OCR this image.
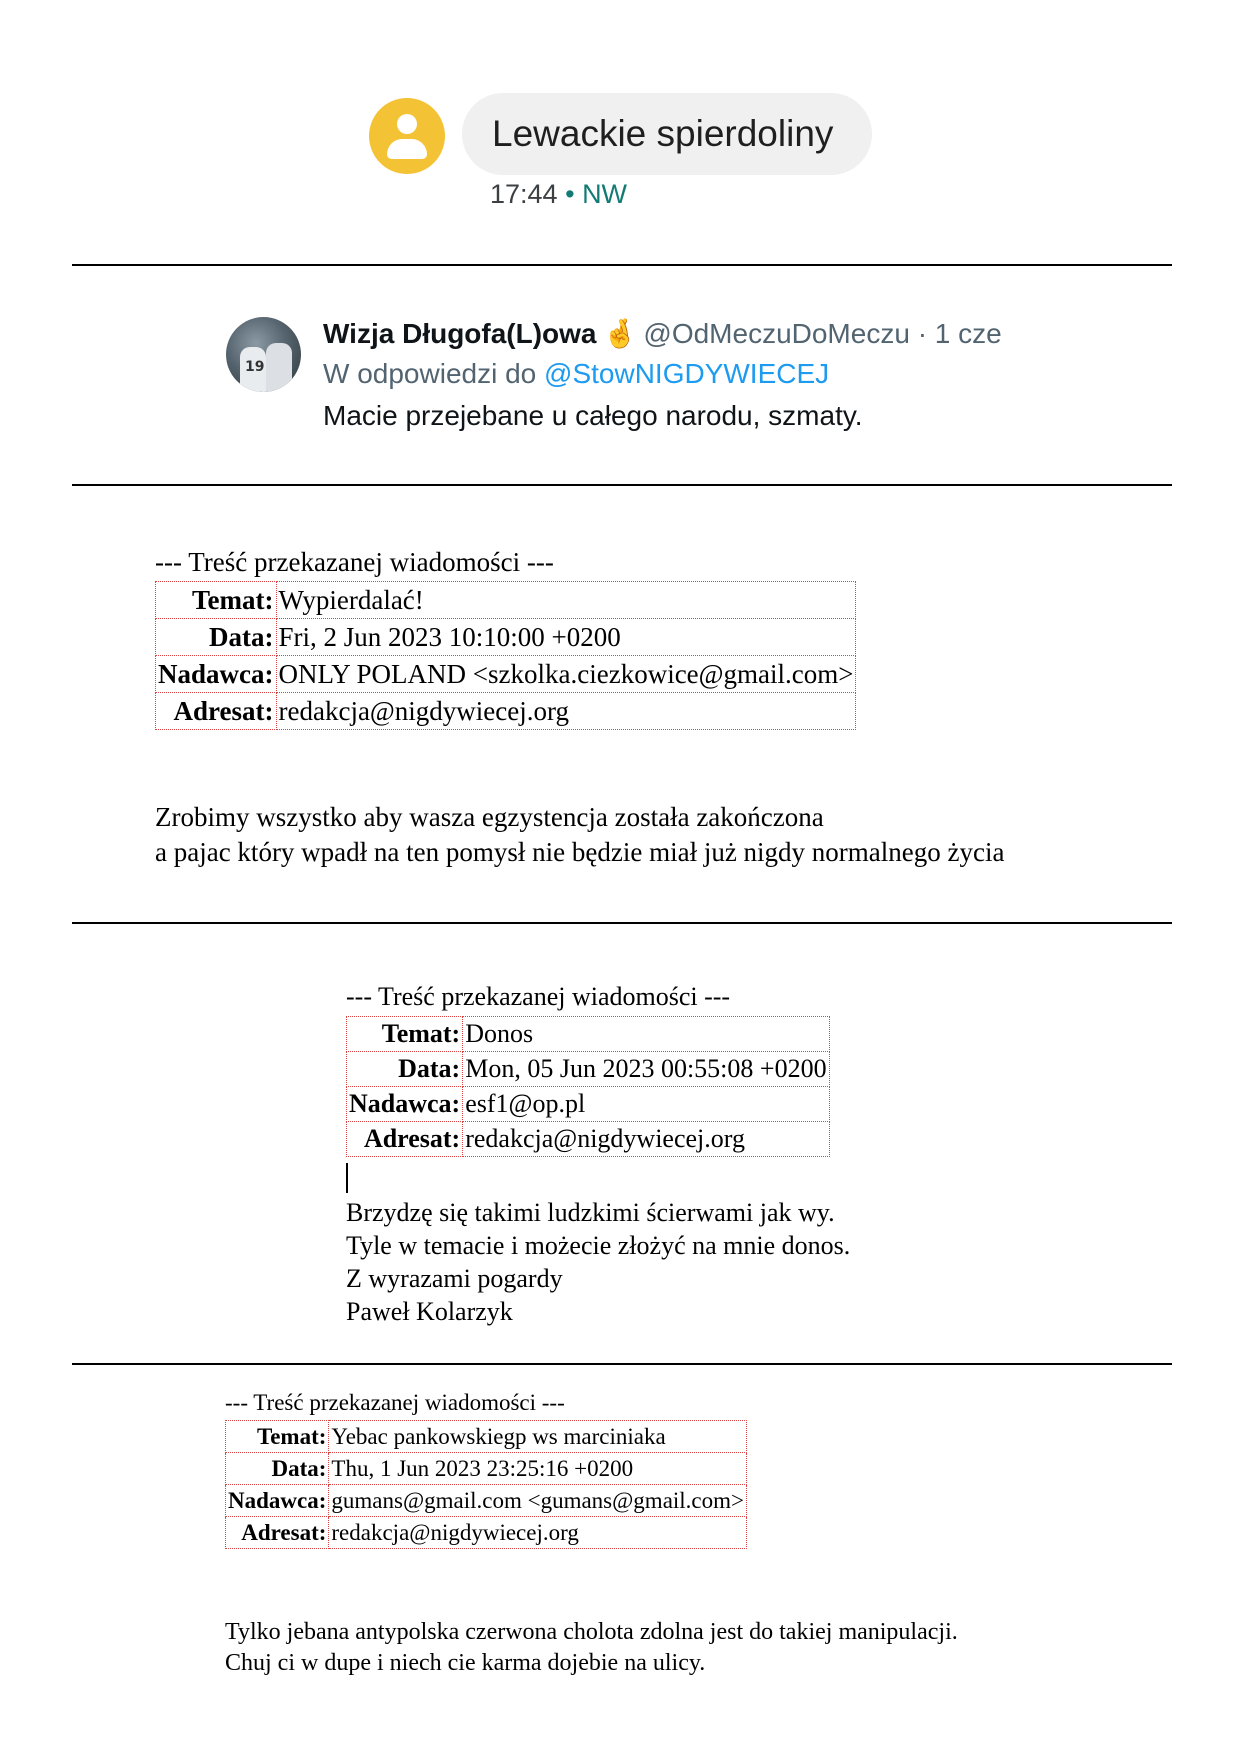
Lewackie spierdoliny
17:44 • NW
19
Wizja Długofa(L)owa 🤞 @OdMeczuDoMeczu · 1 cze
W odpowiedzi do @StowNIGDYWIECEJ
Macie przejebane u całego narodu, szmaty.
--- Treść przekazanej wiadomości ---
Temat:	Wypierdalać!
Data:	Fri, 2 Jun 2023 10:10:00 +0200
Nadawca:	ONLY POLAND <szkolka.ciezkowice@gmail.com>
Adresat:	redakcja@nigdywiecej.org
Zrobimy wszystko aby wasza egzystencja została zakończona
a pajac który wpadł na ten pomysł nie będzie miał już nigdy normalnego życia
--- Treść przekazanej wiadomości ---
Temat:	Donos
Data:	Mon, 05 Jun 2023 00:55:08 +0200
Nadawca:	esf1@op.pl
Adresat:	redakcja@nigdywiecej.org
Brzydzę się takimi ludzkimi ścierwami jak wy.
Tyle w temacie i możecie złożyć na mnie donos.
Z wyrazami pogardy
Paweł Kolarzyk
--- Treść przekazanej wiadomości ---
Temat:	Yebac pankowskiegp ws marciniaka
Data:	Thu, 1 Jun 2023 23:25:16 +0200
Nadawca:	gumans@gmail.com <gumans@gmail.com>
Adresat:	redakcja@nigdywiecej.org
Tylko jebana antypolska czerwona cholota zdolna jest do takiej manipulacji.
Chuj ci w dupe i niech cie karma dojebie na ulicy.
